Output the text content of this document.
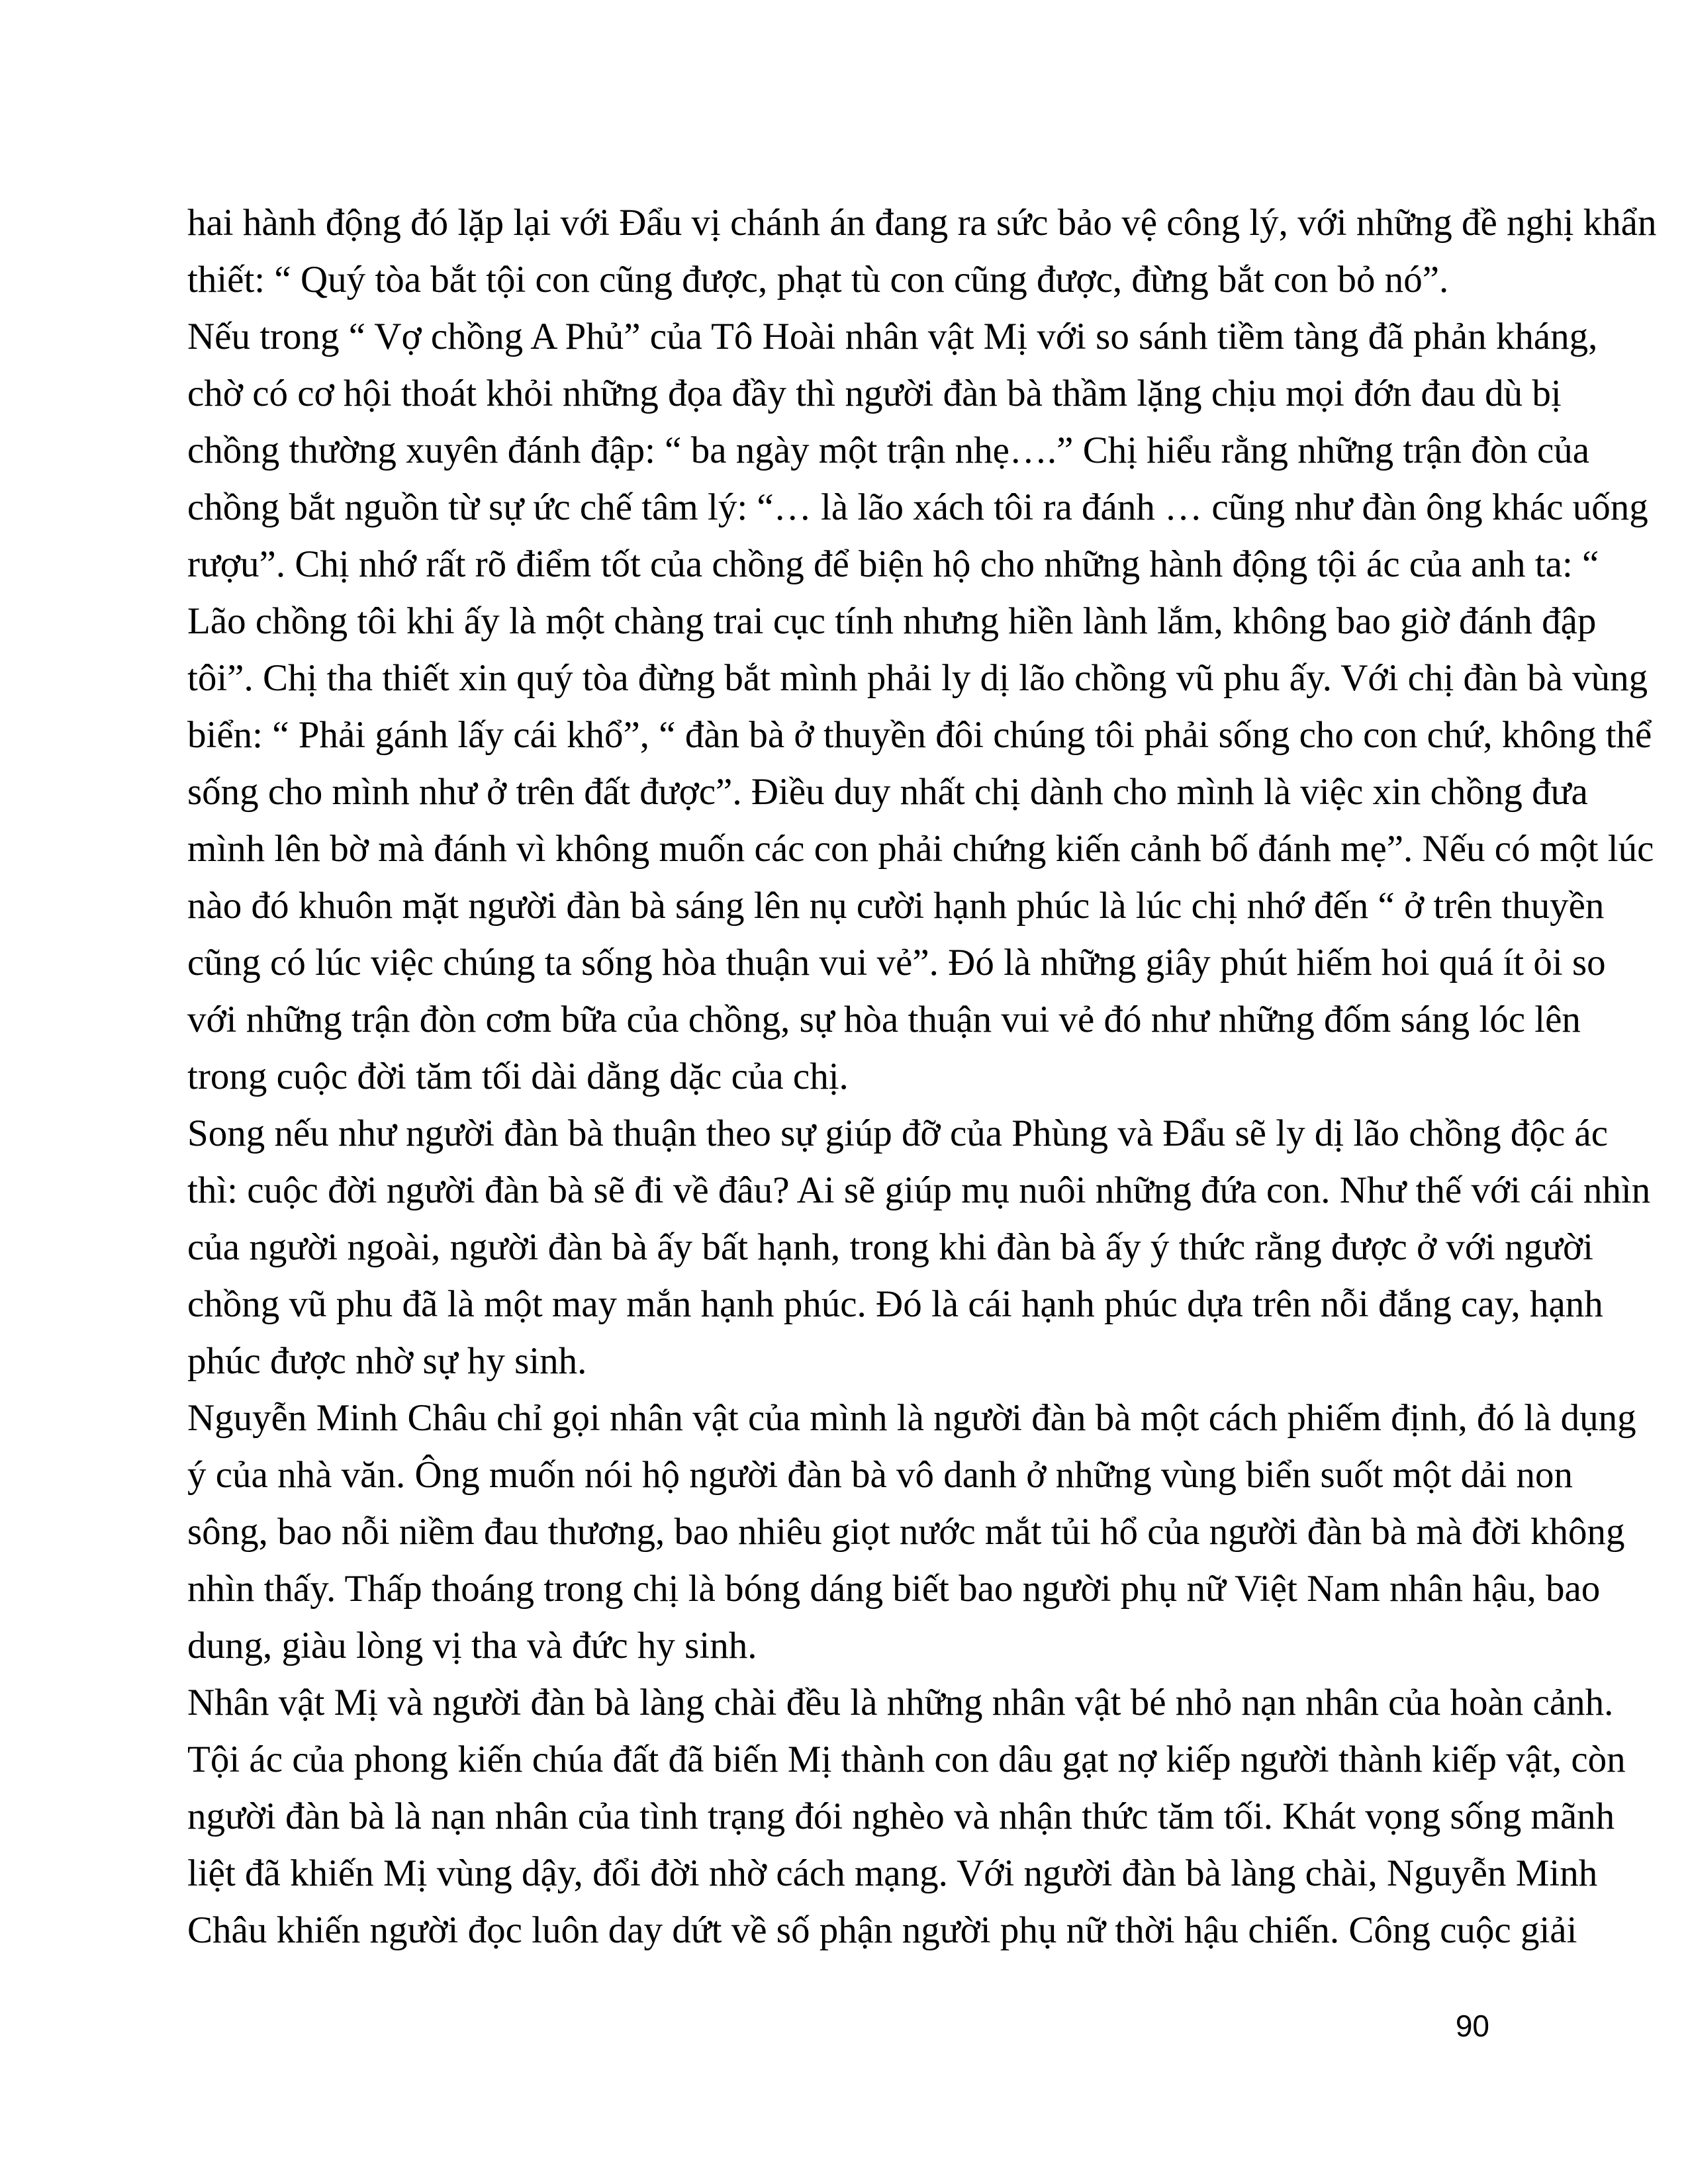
hai hành động đó lặp lại với Đẩu vị chánh án đang ra sức bảo vệ công lý, với những đề nghị khẩn
thiết: “ Quý tòa bắt tội con cũng được, phạt tù con cũng được, đừng bắt con bỏ nó”.
Nếu trong “ Vợ chồng A Phủ” của Tô Hoài nhân vật Mị với so sánh tiềm tàng đã phản kháng,
chờ có cơ hội thoát khỏi những đọa đầy thì người đàn bà thầm lặng chịu mọi đớn đau dù bị
chồng thường xuyên đánh đập: “ ba ngày một trận nhẹ….” Chị hiểu rằng những trận đòn của
chồng bắt nguồn từ sự ức chế tâm lý: “… là lão xách tôi ra đánh … cũng như đàn ông khác uống
rượu”. Chị nhớ rất rõ điểm tốt của chồng để biện hộ cho những hành động tội ác của anh ta: “
Lão chồng tôi khi ấy là một chàng trai cục tính nhưng hiền lành lắm, không bao giờ đánh đập
tôi”. Chị tha thiết xin quý tòa đừng bắt mình phải ly dị lão chồng vũ phu ấy. Với chị đàn bà vùng
biển: “ Phải gánh lấy cái khổ”, “ đàn bà ở thuyền đôi chúng tôi phải sống cho con chứ, không thể
sống cho mình như ở trên đất được”. Điều duy nhất chị dành cho mình là việc xin chồng đưa
mình lên bờ mà đánh vì không muốn các con phải chứng kiến cảnh bố đánh mẹ”. Nếu có một lúc
nào đó khuôn mặt người đàn bà sáng lên nụ cười hạnh phúc là lúc chị nhớ đến “ ở trên thuyền
cũng có lúc việc chúng ta sống hòa thuận vui vẻ”. Đó là những giây phút hiếm hoi quá ít ỏi so
với những trận đòn cơm bữa của chồng, sự hòa thuận vui vẻ đó như những đốm sáng lóc lên
trong cuộc đời tăm tối dài dằng dặc của chị.
Song nếu như người đàn bà thuận theo sự giúp đỡ của Phùng và Đẩu sẽ ly dị lão chồng độc ác
thì: cuộc đời người đàn bà sẽ đi về đâu? Ai sẽ giúp mụ nuôi những đứa con. Như thế với cái nhìn
của người ngoài, người đàn bà ấy bất hạnh, trong khi đàn bà ấy ý thức rằng được ở với người
chồng vũ phu đã là một may mắn hạnh phúc. Đó là cái hạnh phúc dựa trên nỗi đắng cay, hạnh
phúc được nhờ sự hy sinh.
Nguyễn Minh Châu chỉ gọi nhân vật của mình là người đàn bà một cách phiếm định, đó là dụng
ý của nhà văn. Ông muốn nói hộ người đàn bà vô danh ở những vùng biển suốt một dải non
sông, bao nỗi niềm đau thương, bao nhiêu giọt nước mắt tủi hổ của người đàn bà mà đời không
nhìn thấy. Thấp thoáng trong chị là bóng dáng biết bao người phụ nữ Việt Nam nhân hậu, bao
dung, giàu lòng vị tha và đức hy sinh.
Nhân vật Mị và người đàn bà làng chài đều là những nhân vật bé nhỏ nạn nhân của hoàn cảnh.
Tội ác của phong kiến chúa đất đã biến Mị thành con dâu gạt nợ kiếp người thành kiếp vật, còn
người đàn bà là nạn nhân của tình trạng đói nghèo và nhận thức tăm tối. Khát vọng sống mãnh
liệt đã khiến Mị vùng dậy, đổi đời nhờ cách mạng. Với người đàn bà làng chài, Nguyễn Minh
Châu khiến người đọc luôn day dứt về số phận người phụ nữ thời hậu chiến. Công cuộc giải
90
